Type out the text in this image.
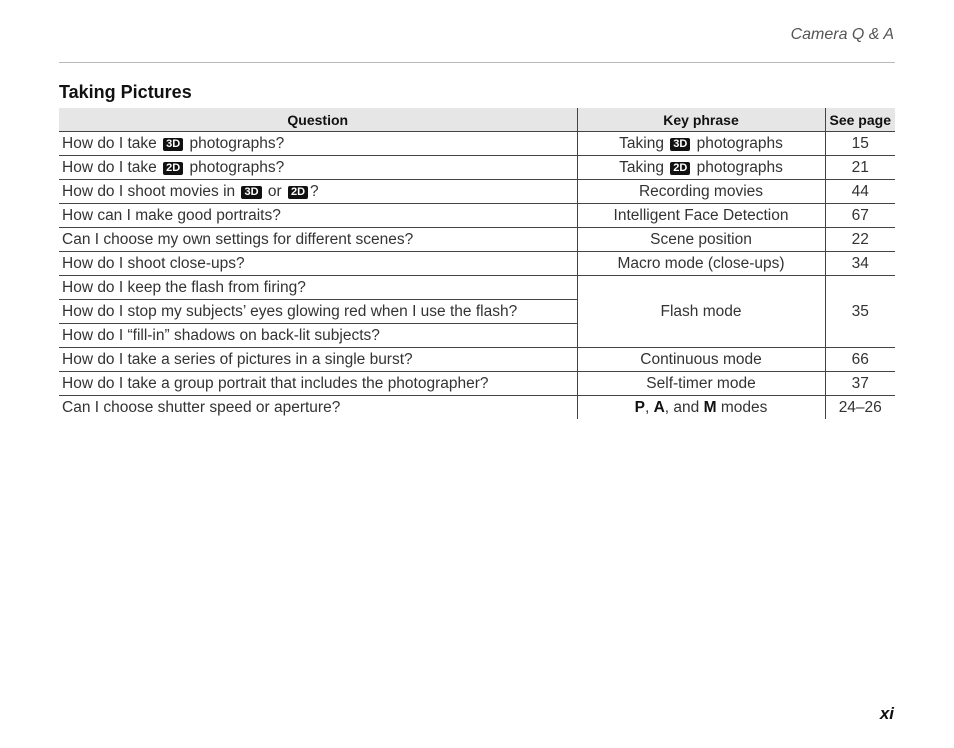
Camera Q & A
Taking Pictures
Question	Key phrase	See page
How do I take 3D photographs?	Taking 3D photographs	15
How do I take 2D photographs?	Taking 2D photographs	21
How do I shoot movies in 3D or 2D ?	Recording movies	44
How can I make good portraits?	Intelligent Face Detection	67
Can I choose my own settings for different scenes?	Scene position	22
How do I shoot close-ups?	Macro mode (close-ups)	34
How do I keep the flash from firing?	Flash mode	35
How do I stop my subjects’ eyes glowing red when I use the flash?		
How do I “fill-in” shadows on back-lit subjects?		
How do I take a series of pictures in a single burst?	Continuous mode	66
How do I take a group portrait that includes the photographer?	Self-timer mode	37
Can I choose shutter speed or aperture?	P, A, and M modes	24–26
xi
